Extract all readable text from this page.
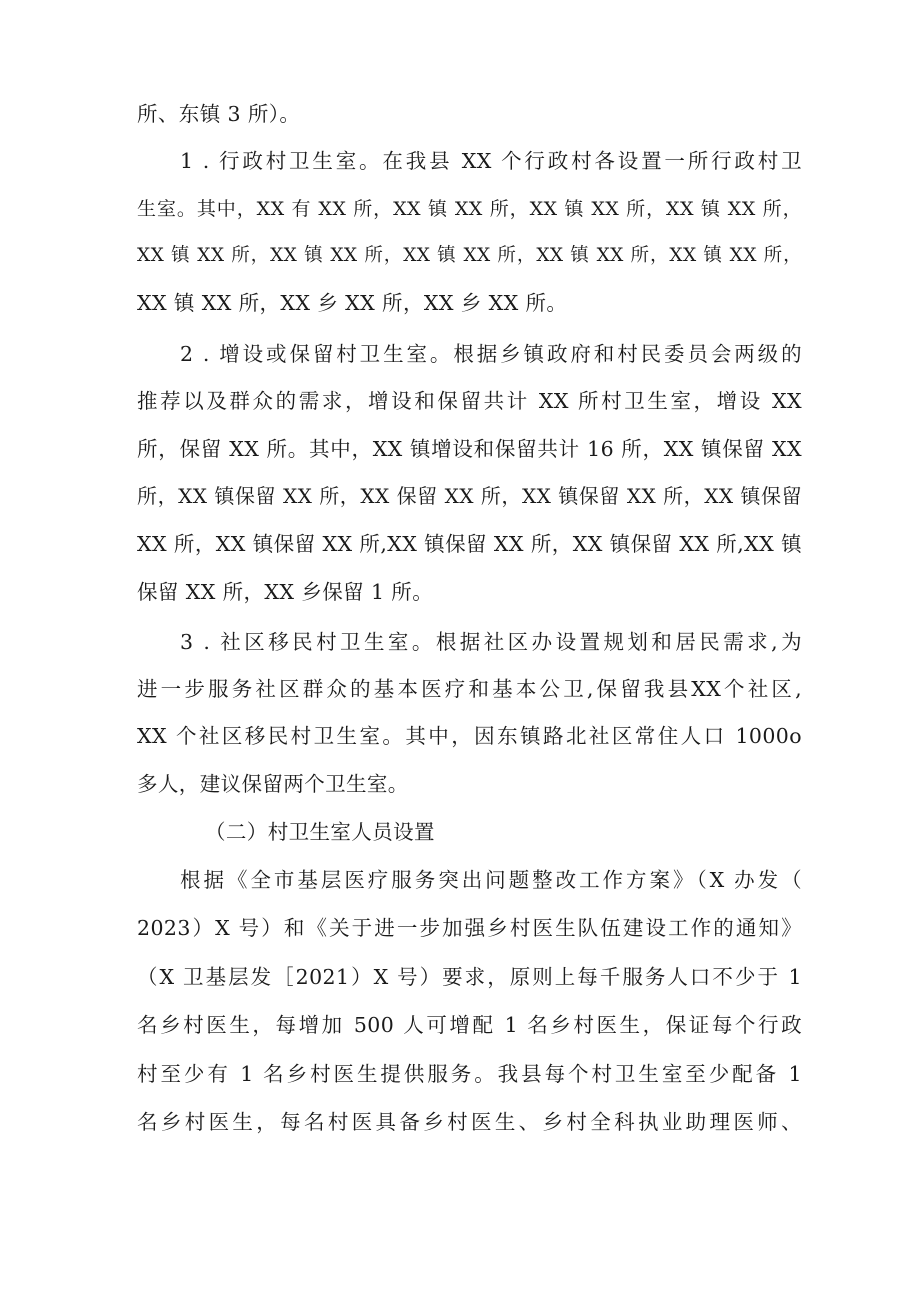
所、东镇 3 所）。
1 . 行政村卫生室。在我县 XX 个行政村各设置一所行政村卫
生室。其中，XX 有 XX 所，XX 镇 XX 所，XX 镇 XX 所，XX 镇 XX 所，
XX 镇 XX 所，XX 镇 XX 所，XX 镇 XX 所，XX 镇 XX 所，XX 镇 XX 所，
XX 镇 XX 所，XX 乡 XX 所，XX 乡 XX 所。
2 . 增设或保留村卫生室。根据乡镇政府和村民委员会两级的
推荐以及群众的需求，增设和保留共计 XX 所村卫生室，增设 XX
所，保留 XX 所。其中，XX 镇增设和保留共计 16 所，XX 镇保留 XX
所，XX 镇保留 XX 所，XX 保留 XX 所，XX 镇保留 XX 所，XX 镇保留
XX 所，XX 镇保留 XX 所,XX 镇保留 XX 所，XX 镇保留 XX 所,XX 镇
保留 XX 所，XX 乡保留 1 所。
3 . 社区移民村卫生室。根据社区办设置规划和居民需求,为
进一步服务社区群众的基本医疗和基本公卫,保留我县XX个社区,
XX 个社区移民村卫生室。其中，因东镇路北社区常住人口 1000o
多人，建议保留两个卫生室。
（二）村卫生室人员设置
根据《全市基层医疗服务突出问题整改工作方案》（X 办发（
2023）X 号）和《关于进一步加强乡村医生队伍建设工作的通知》
（X 卫基层发［2021）X 号）要求，原则上每千服务人口不少于 1
名乡村医生，每增加 500 人可增配 1 名乡村医生，保证每个行政
村至少有 1 名乡村医生提供服务。我县每个村卫生室至少配备 1
名乡村医生，每名村医具备乡村医生、乡村全科执业助理医师、
